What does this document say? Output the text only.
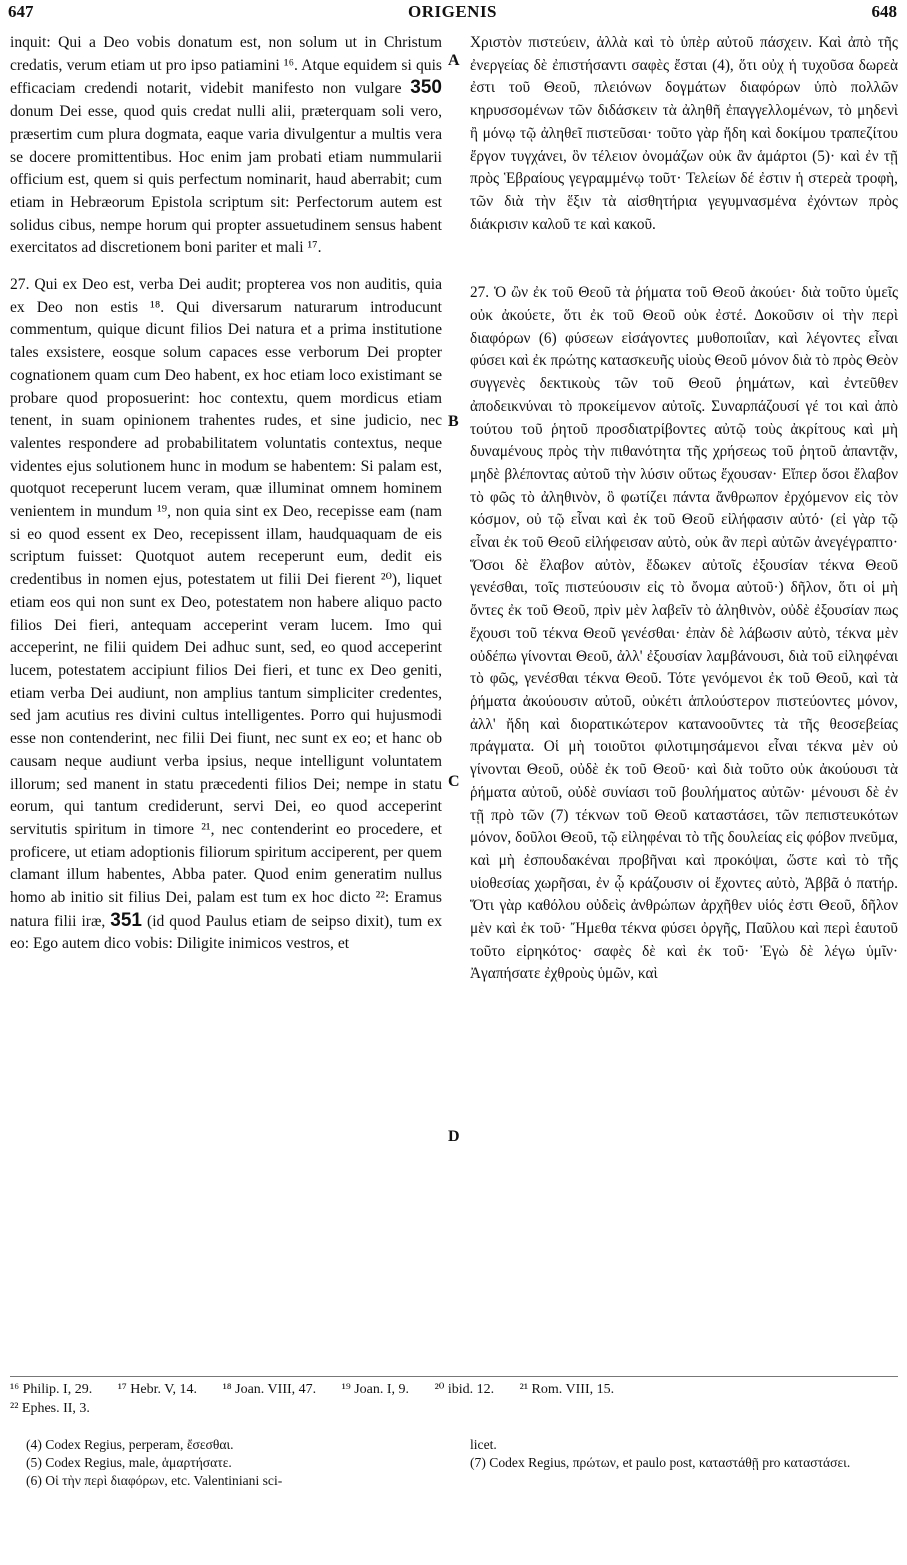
647	ORIGENIS	648

inquit: Qui a Deo vobis donatum est, non solum ut in Christum credatis, verum etiam ut pro ipso patiamini ¹⁶. Atque equidem si quis efficaciam credendi notarit, videbit manifesto non vulgare 350 donum Dei esse, quod quis credat nulli alii, præterquam soli vero, præsertim cum plura dogmata, eaque varia divulgentur a multis vera se docere promittentibus. Hoc enim jam probati etiam nummularii officium est, quem si quis perfectum nominarit, haud aberrabit; cum etiam in Hebræorum Epistola scriptum sit: Perfectorum autem est solidus cibus, nempe horum qui propter assuetudinem sensus habent exercitatos ad discretionem boni pariter et mali ¹⁷.

27. Qui ex Deo est, verba Dei audit; propterea vos non auditis, quia ex Deo non estis ¹⁸. Qui diversarum naturarum introducunt commentum, quique dicunt filios Dei natura et a prima institutione tales exsistere, eosque solum capaces esse verborum Dei propter cognationem quam cum Deo habent, ex hoc etiam loco existimant se probare quod proposuerint: hoc contextu, quem mordicus etiam tenent, in suam opinionem trahentes rudes, et sine judicio, nec valentes respondere ad probabilitatem voluntatis contextus, neque videntes ejus solutionem hunc in modum se habentem: Si palam est, quotquot receperunt lucem veram, quæ illuminat omnem hominem venientem in mundum ¹⁹, non quia sint ex Deo, recepisse eam (nam si eo quod essent ex Deo, recepissent illam, haudquaquam de eis scriptum fuisset: Quotquot autem receperunt eum, dedit eis credentibus in nomen ejus, potestatem ut filii Dei fierent ²⁰), liquet etiam eos qui non sunt ex Deo, potestatem non habere aliquo pacto filios Dei fieri, antequam acceperint veram lucem. Imo qui acceperint, ne filii quidem Dei adhuc sunt, sed, eo quod acceperint lucem, potestatem accipiunt filios Dei fieri, et tunc ex Deo geniti, etiam verba Dei audiunt, non amplius tantum simpliciter credentes, sed jam acutius res divini cultus intelligentes. Porro qui hujusmodi esse non contenderint, nec filii Dei fiunt, nec sunt ex eo; et hanc ob causam neque audiunt verba ipsius, neque intelligunt voluntatem illorum; sed manent in statu præcedenti filios Dei; nempe in statu eorum, qui tantum crediderunt, servi Dei, eo quod acceperint servitutis spiritum in timore ²¹, nec contenderint eo procedere, et proficere, ut etiam adoptionis filiorum spiritum acciperent, per quem clamant illum habentes, Abba pater. Quod enim generatim nullus homo ab initio sit filius Dei, palam est tum ex hoc dicto ²²: Eramus natura filii iræ, 351 (id quod Paulus etiam de seipso dixit), tum ex eo: Ego autem dico vobis: Diligite inimicos vestros, et

A
B
C
D

Χριστὸν πιστεύειν, ἀλλὰ καὶ τὸ ὑπὲρ αὐτοῦ πάσχειν. Καὶ ἀπὸ τῆς ἐνεργείας δὲ ἐπιστήσαντι σαφὲς ἔσται (4), ὅτι οὐχ ἡ τυχοῦσα δωρεὰ ἐστι τοῦ Θεοῦ, πλειόνων δογμάτων διαφόρων ὑπὸ πολλῶν κηρυσσομένων τῶν διδάσκειν τὰ ἀληθῆ ἐπαγγελλομένων, τὸ μηδενὶ ἢ μόνῳ τῷ ἀληθεῖ πιστεῦσαι· τοῦτο γὰρ ἤδη καὶ δοκίμου τραπεζίτου ἔργον τυγχάνει, ὃν τέλειον ὀνομάζων οὐκ ἂν ἁμάρτοι (5)· καὶ ἐν τῇ πρὸς Ἑβραίους γεγραμμένῳ τοῦτ· Τελείων δέ ἐστιν ἡ στερεὰ τροφὴ, τῶν διὰ τὴν ἕξιν τὰ αἰσθητήρια γεγυμνασμένα ἐχόντων πρὸς διάκρισιν καλοῦ τε καὶ κακοῦ.

27. Ὁ ὢν ἐκ τοῦ Θεοῦ τὰ ῥήματα τοῦ Θεοῦ ἀκούει· διὰ τοῦτο ὑμεῖς οὐκ ἀκούετε, ὅτι ἐκ τοῦ Θεοῦ οὐκ ἐστέ. Δοκοῦσιν οἱ τὴν περὶ διαφόρων (6) φύσεων εἰσάγοντες μυθοποιΐαν, καὶ λέγοντες εἶναι φύσει καὶ ἐκ πρώτης κατασκευῆς υἱοὺς Θεοῦ μόνον διὰ τὸ πρὸς Θεὸν συγγενὲς δεκτικοὺς τῶν τοῦ Θεοῦ ῥημάτων, καὶ ἐντεῦθεν ἀποδεικνύναι τὸ προκείμενον αὐτοῖς. Συναρπάζουσί γέ τοι καὶ ἀπὸ τούτου τοῦ ῥητοῦ προσδιατρίβοντες αὐτῷ τοὺς ἀκρίτους καὶ μὴ δυναμένους πρὸς τὴν πιθανότητα τῆς χρήσεως τοῦ ῥητοῦ ἀπαντᾷν, μηδὲ βλέποντας αὐτοῦ τὴν λύσιν οὕτως ἔχουσαν· Εἴπερ ὅσοι ἔλαβον τὸ φῶς τὸ ἀληθινὸν, ὃ φωτίζει πάντα ἄνθρωπον ἐρχόμενον εἰς τὸν κόσμον, οὐ τῷ εἶναι καὶ ἐκ τοῦ Θεοῦ εἰλήφασιν αὐτό· (εἰ γὰρ τῷ εἶναι ἐκ τοῦ Θεοῦ εἰλήφεισαν αὐτὸ, οὐκ ἂν περὶ αὐτῶν ἀνεγέγραπτο· Ὅσοι δὲ ἔλαβον αὐτὸν, ἔδωκεν αὐτοῖς ἐξουσίαν τέκνα Θεοῦ γενέσθαι, τοῖς πιστεύουσιν εἰς τὸ ὄνομα αὐτοῦ·) δῆλον, ὅτι οἱ μὴ ὄντες ἐκ τοῦ Θεοῦ, πρὶν μὲν λαβεῖν τὸ ἀληθινὸν, οὐδὲ ἐξουσίαν πως ἔχουσι τοῦ τέκνα Θεοῦ γενέσθαι· ἐπὰν δὲ λάβωσιν αὐτὸ, τέκνα μὲν οὐδέπω γίνονται Θεοῦ, ἀλλ' ἐξουσίαν λαμβάνουσι, διὰ τοῦ εἰληφέναι τὸ φῶς, γενέσθαι τέκνα Θεοῦ. Τότε γενόμενοι ἐκ τοῦ Θεοῦ, καὶ τὰ ῥήματα ἀκούουσιν αὐτοῦ, οὐκέτι ἁπλούστερον πιστεύοντες μόνον, ἀλλ' ἤδη καὶ διορατικώτερον κατανοοῦντες τὰ τῆς θεοσεβείας πράγματα. Οἱ μὴ τοιοῦτοι φιλοτιμησάμενοι εἶναι τέκνα μὲν οὐ γίνονται Θεοῦ, οὐδὲ ἐκ τοῦ Θεοῦ· καὶ διὰ τοῦτο οὐκ ἀκούουσι τὰ ῥήματα αὐτοῦ, οὐδὲ συνίασι τοῦ βουλήματος αὐτῶν· μένουσι δὲ ἐν τῇ πρὸ τῶν (7) τέκνων τοῦ Θεοῦ καταστάσει, τῶν πεπιστευκότων μόνον, δοῦλοι Θεοῦ, τῷ εἰληφέναι τὸ τῆς δουλείας εἰς φόβον πνεῦμα, καὶ μὴ ἐσπουδακέναι προβῆναι καὶ προκόψαι, ὥστε καὶ τὸ τῆς υἱοθεσίας χωρῆσαι, ἐν ᾧ κράζουσιν οἱ ἔχοντες αὐτὸ, Ἀββᾶ ὁ πατήρ. Ὅτι γὰρ καθόλου οὐδεὶς ἀνθρώπων ἀρχῆθεν υἱός ἐστι Θεοῦ, δῆλον μὲν καὶ ἐκ τοῦ· Ἤμεθα τέκνα φύσει ὀργῆς, Παῦλου καὶ περὶ ἑαυτοῦ τοῦτο εἰρηκότος· σαφὲς δὲ καὶ ἐκ τοῦ· Ἐγὼ δὲ λέγω ὑμῖν· Ἀγαπήσατε ἐχθροὺς ὑμῶν, καὶ

¹⁶ Philip. I, 29. ¹⁷ Hebr. V, 14. ¹⁸ Joan. VIII, 47. ¹⁹ Joan. I, 9. ²⁰ ibid. 12. ²¹ Rom. VIII, 15.
²² Ephes. II, 3.

(4) Codex Regius, perperam, ἔσεσθαι.

(5) Codex Regius, male, ἁμαρτήσατε.

(6) Οἱ τὴν περὶ διαφόρων, etc. Valentiniani sci-

licet.

(7) Codex Regius, πρώτων, et paulo post, καταστάθῇ pro καταστάσει.
